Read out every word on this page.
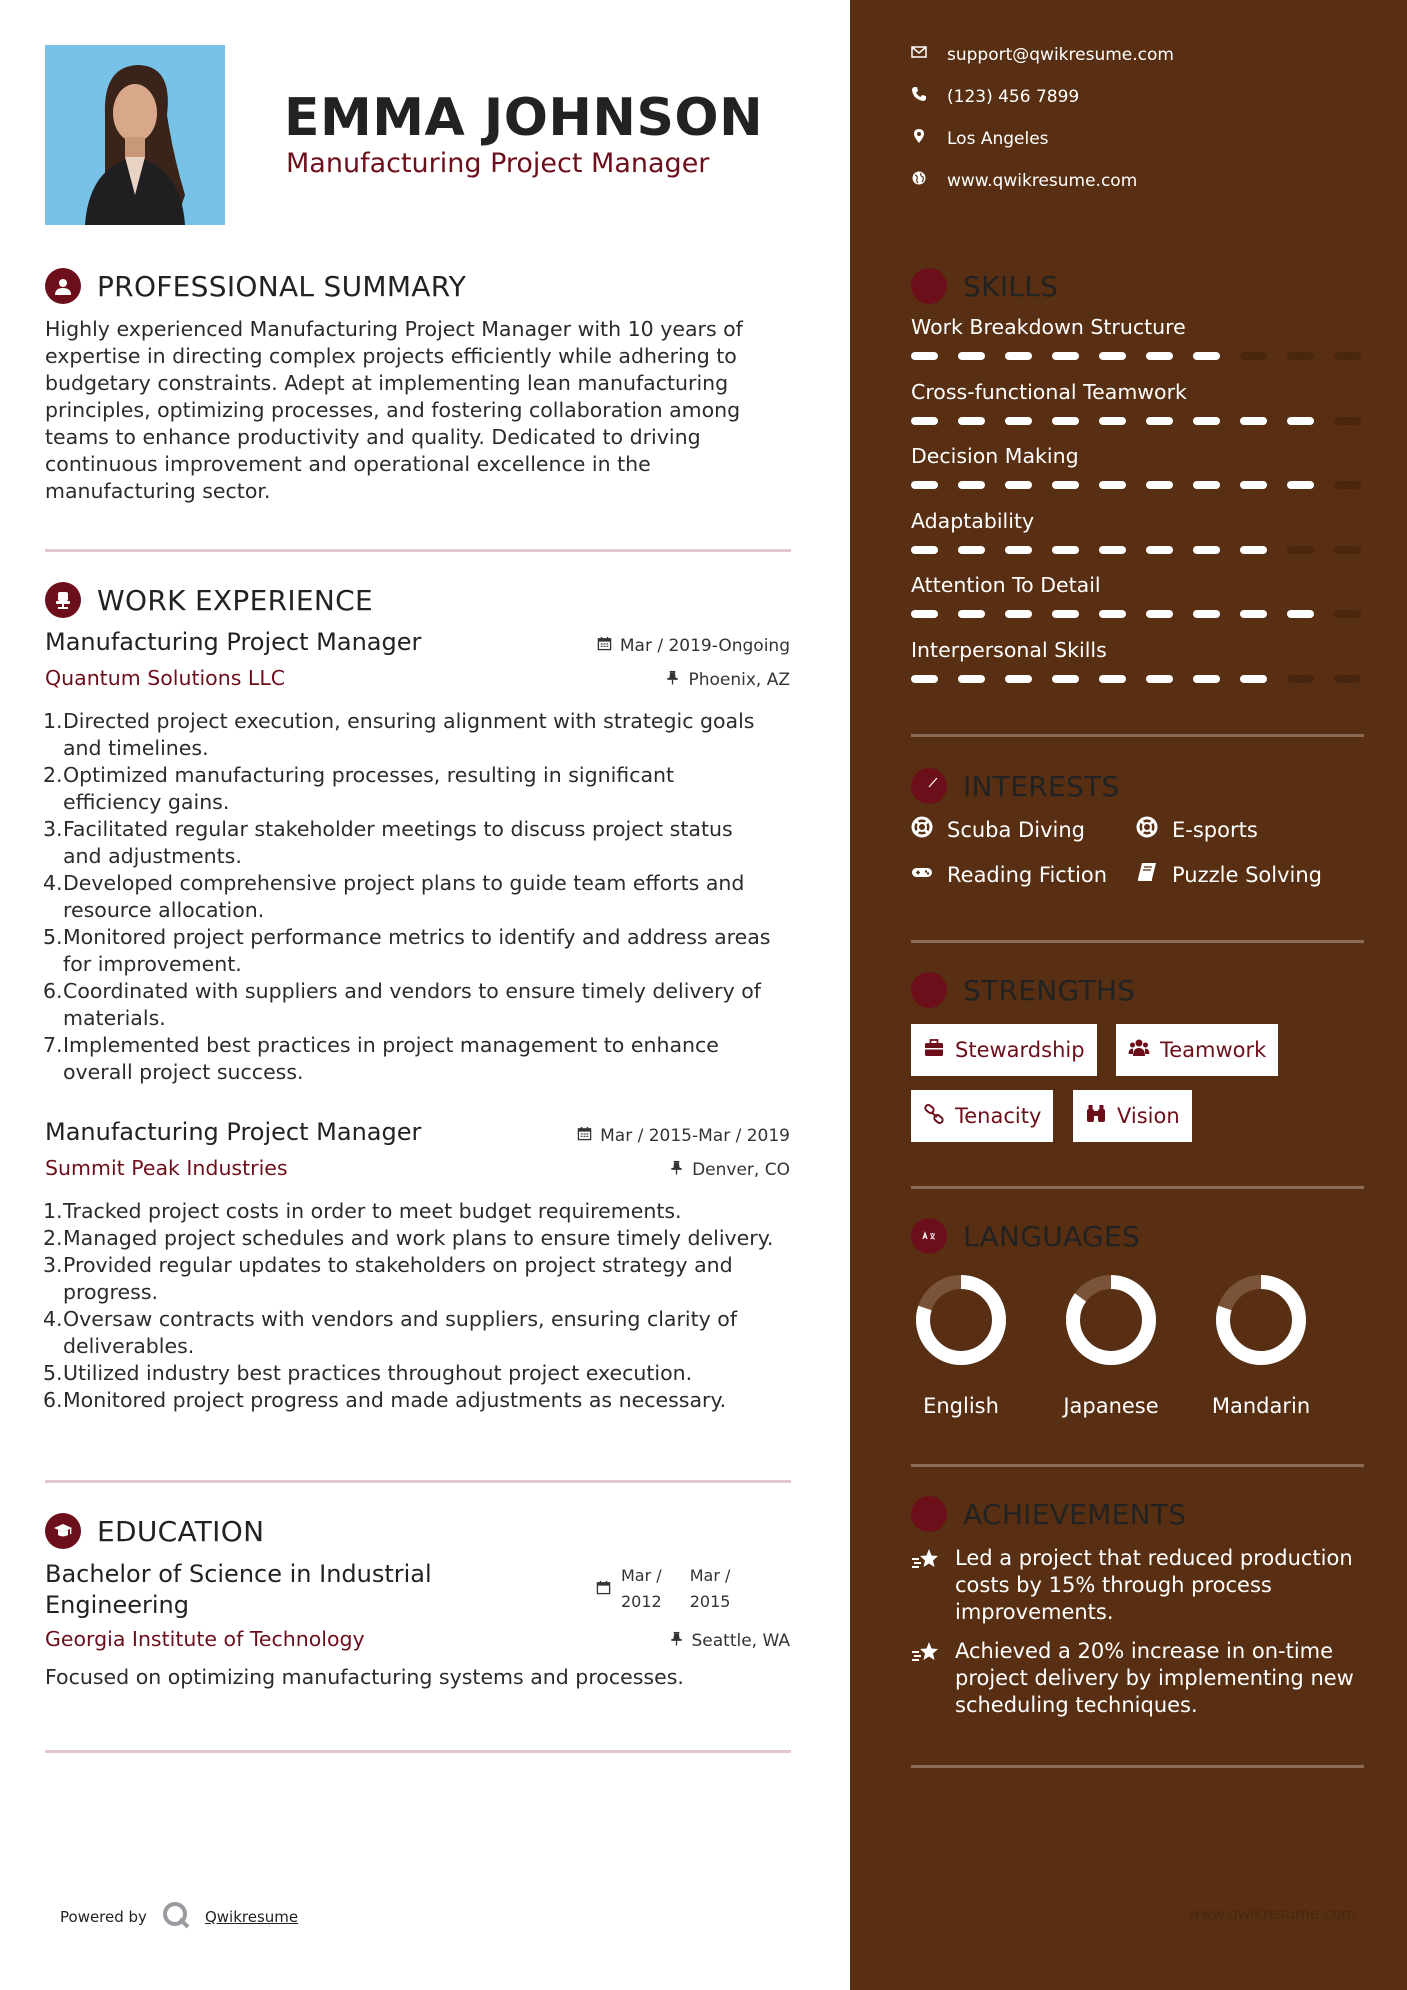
EMMA JOHNSON
Manufacturing Project Manager
PROFESSIONAL SUMMARY
Highly experienced Manufacturing Project Manager with 10 years of
expertise in directing complex projects efficiently while adhering to
budgetary constraints. Adept at implementing lean manufacturing
principles, optimizing processes, and fostering collaboration among
teams to enhance productivity and quality. Dedicated to driving
continuous improvement and operational excellence in the
manufacturing sector.
WORK EXPERIENCE
Manufacturing Project Manager
Quantum Solutions LLC
Mar / 2019-Ongoing
Phoenix, AZ
1. Directed project execution, ensuring alignment with strategic goals
and timelines.
2. Optimized manufacturing processes, resulting in significant
efficiency gains.
3. Facilitated regular stakeholder meetings to discuss project status
and adjustments.
4. Developed comprehensive project plans to guide team efforts and
resource allocation.
5. Monitored project performance metrics to identify and address areas
for improvement.
6. Coordinated with suppliers and vendors to ensure timely delivery of
materials.
7. Implemented best practices in project management to enhance
overall project success.
Manufacturing Project Manager
Summit Peak Industries
Mar / 2015-Mar / 2019
Denver, CO
1. Tracked project costs in order to meet budget requirements.
2. Managed project schedules and work plans to ensure timely delivery.
3. Provided regular updates to stakeholders on project strategy and
progress.
4. Oversaw contracts with vendors and suppliers, ensuring clarity of
deliverables.
5. Utilized industry best practices throughout project execution.
6. Monitored project progress and made adjustments as necessary.
EDUCATION
Bachelor of Science in Industrial
Engineering
Georgia Institute of Technology
Mar /
2012
Mar /
2015
Seattle, WA
Focused on optimizing manufacturing systems and processes.
Powered by	Qwikresume
support@qwikresume.com
(123) 456 7899
Los Angeles
www.qwikresume.com
SKILLS
Work Breakdown Structure
Cross-functional Teamwork
Decision Making
Adaptability
Attention To Detail
Interpersonal Skills
INTERESTS
Scuba Diving	E-sports
Reading Fiction	Puzzle Solving
STRENGTHS
Stewardship	Teamwork
Tenacity	Vision
LANGUAGES
English	Japanese	Mandarin
ACHIEVEMENTS
Led a project that reduced production
costs by 15% through process
improvements.
Achieved a 20% increase in on-time
project delivery by implementing new
scheduling techniques.
www.qwikresume.com
